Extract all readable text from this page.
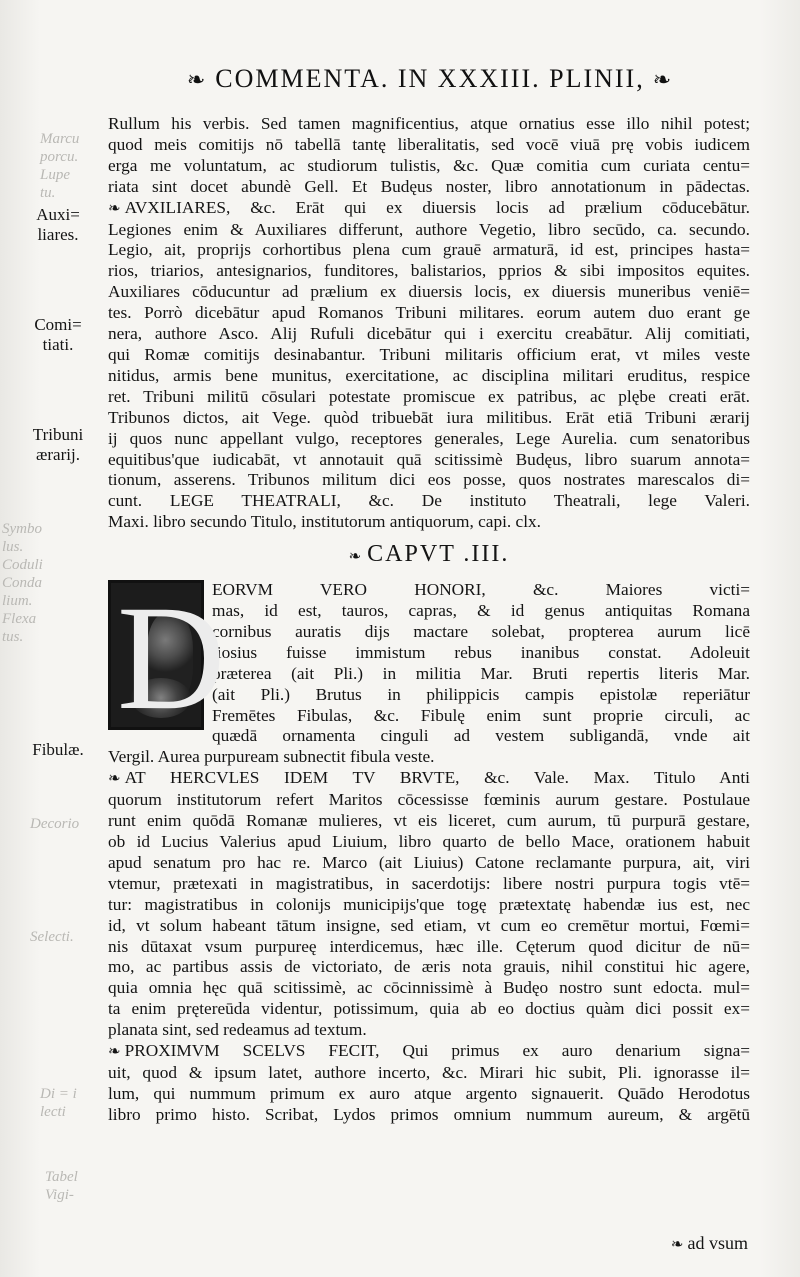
Marcu
porcu.
Lupe
tu.
Symbo
lus.
Coduli
Conda
lium.
Flexa
tus.
Decorio
Selecti.
Di = i
lecti
Tabel
Vigi-
❧ COMMENTA. IN XXXIII. PLINII, ❧
Auxi=
liares.
Comi=
tiati.
Tribuni
ærarij.
Fibulæ.
Rullum his verbis. Sed tamen magnificentius, atque ornatius esse illo nihil potest;
quod meis comitijs nō tabellā tantę liberalitatis, sed vocē viuā prę vobis iudicem
erga me voluntatum, ac studiorum tulistis, &c. Quæ comitia cum curiata centu=
riata sint docet abundè Gell. Et Budęus noster, libro annotationum in pādectas.
❧ AVXILIARES, &c. Erāt qui ex diuersis locis ad prælium cōducebātur.
Legiones enim & Auxiliares differunt, authore Vegetio, libro secūdo, ca. secundo.
Legio, ait, proprijs corhortibus plena cum grauē armaturā, id est, principes hasta=
rios, triarios, antesignarios, funditores, balistarios, pprios & sibi impositos equites.
Auxiliares cōducuntur ad prælium ex diuersis locis, ex diuersis muneribus veniē=
tes. Porrò dicebātur apud Romanos Tribuni militares. eorum autem duo erant ge
nera, authore Asco. Alij Rufuli dicebātur qui i exercitu creabātur. Alij comitiati,
qui Romæ comitijs desinabantur. Tribuni militaris officium erat, vt miles veste
nitidus, armis bene munitus, exercitatione, ac disciplina militari eruditus, respice
ret. Tribuni militū cōsulari potestate promiscue ex patribus, ac plębe creati erāt.
Tribunos dictos, ait Vege. quòd tribuebāt iura militibus. Erāt etiā Tribuni ærarij
ij quos nunc appellant vulgo, receptores generales, Lege Aurelia. cum senatoribus
equitibus'que iudicabāt, vt annotauit quā scitissimè Budęus, libro suarum annota=
tionum, asserens. Tribunos militum dici eos posse, quos nostrates marescalos di=
cunt. LEGE THEATRALI, &c. De instituto Theatrali, lege Valeri.
Maxi. libro secundo Titulo, institutorum antiquorum, capi. clx.
❧ CAPVT .III.
D
EORVM VERO HONORI, &c. Maiores victi=
mas, id est, tauros, capras, & id genus antiquitas Romana
cornibus auratis dijs mactare solebat, propterea aurum licē
tiosius fuisse immistum rebus inanibus constat. Adoleuit
præterea (ait Pli.) in militia Mar. Bruti repertis literis Mar.
(ait Pli.) Brutus in philippicis campis epistolæ reperiātur
Fremētes Fibulas, &c. Fibulę enim sunt proprie circuli, ac
quædā ornamenta cinguli ad vestem subligandā, vnde ait
Vergil. Aurea purpuream subnectit fibula veste.
❧ AT HERCVLES IDEM TV BRVTE, &c. Vale. Max. Titulo Anti
quorum institutorum refert Maritos cōcessisse fœminis aurum gestare. Postulaue
runt enim quōdā Romanæ mulieres, vt eis liceret, cum aurum, tū purpurā gestare,
ob id Lucius Valerius apud Liuium, libro quarto de bello Mace, orationem habuit
apud senatum pro hac re. Marco (ait Liuius) Catone reclamante purpura, ait, viri
vtemur, prætexati in magistratibus, in sacerdotijs: libere nostri purpura togis vtē=
tur: magistratibus in colonijs municipijs'que togę prætextatę habendæ ius est, nec
id, vt solum habeant tātum insigne, sed etiam, vt cum eo cremētur mortui, Fœmi=
nis dūtaxat vsum purpureę interdicemus, hæc ille. Cęterum quod dicitur de nū=
mo, ac partibus assis de victoriato, de æris nota grauis, nihil constitui hic agere,
quia omnia hęc quā scitissimè, ac cōcinnissimè à Budęo nostro sunt edocta. mul=
ta enim prętereūda videntur, potissimum, quia ab eo doctius quàm dici possit ex=
planata sint, sed redeamus ad textum.
❧ PROXIMVM SCELVS FECIT, Qui primus ex auro denarium signa=
uit, quod & ipsum latet, authore incerto, &c. Mirari hic subit, Pli. ignorasse il=
lum, qui nummum primum ex auro atque argento signauerit. Quādo Herodotus
libro primo histo. Scribat, Lydos primos omnium nummum aureum, & argētū
❧ ad vsum
